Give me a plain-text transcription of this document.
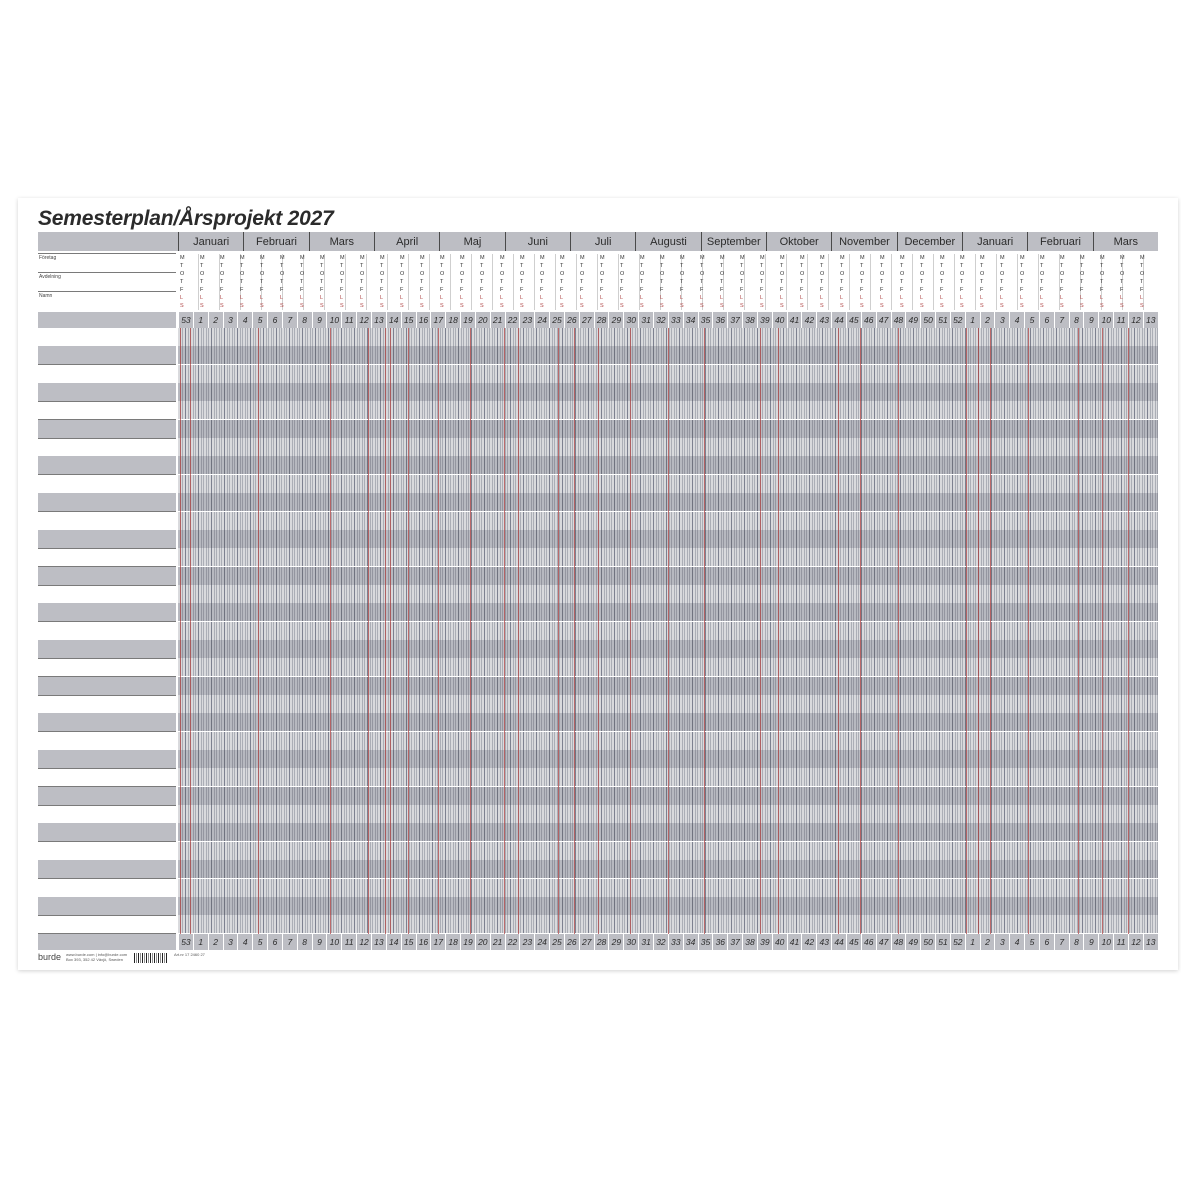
Semesterplan/Årsprojekt 2027
Januari	Februari	Mars	April	Maj	Juni	Juli	Augusti	September	Oktober	November	December	Januari	Februari	Mars
Företag
Avdelning
Namn
M
T
O
T
F
L
S
M
T
O
T
F
L
S
M
T
O
T
F
L
S
M
T
O
T
F
L
S
M
T
O
T
F
L
S
M
T
O
T
F
L
S
M
T
O
T
F
L
S
M
T
O
T
F
L
S
M
T
O
T
F
L
S
M
T
O
T
F
L
S
M
T
O
T
F
L
S
M
T
O
T
F
L
S
M
T
O
T
F
L
S
M
T
O
T
F
L
S
M
T
O
T
F
L
S
M
T
O
T
F
L
S
M
T
O
T
F
L
S
M
T
O
T
F
L
S
M
T
O
T
F
L
S
M
T
O
T
F
L
S
M
T
O
T
F
L
S
M
T
O
T
F
L
S
M
T
O
T
F
L
S
M
T
O
T
F
L
S
M
T
O
T
F
L
S
M
T
O
T
F
L
S
M
T
O
T
F
L
S
M
T
O
T
F
L
S
M
T
O
T
F
L
S
M
T
O
T
F
L
S
M
T
O
T
F
L
S
M
T
O
T
F
L
S
M
T
O
T
F
L
S
M
T
O
T
F
L
S
M
T
O
T
F
L
S
M
T
O
T
F
L
S
M
T
O
T
F
L
S
M
T
O
T
F
L
S
M
T
O
T
F
L
S
M
T
O
T
F
L
S
M
T
O
T
F
L
S
M
T
O
T
F
L
S
M
T
O
T
F
L
S
M
T
O
T
F
L
S
M
T
O
T
F
L
S
M
T
O
T
F
L
S
M
T
O
T
F
L
S
M
T
O
T
F
L
S
M
T
O
T
F
L
S
53 1	2	3	4	5	6	7	8	9 10 11 12 13 14 15 16 17 18 19 20 21 22 23 24 25 26 27 28 29 30 31 32 33 34 35 36 37 38 39 40 41 42 43 44 45 46 47 48 49 50 51 52 1	2	3	4	5	6	7	8	9 10 11 12 13
53 1	2	3	4	5	6	7	8	9 10 11 12 13 14 15 16 17 18 19 20 21 22 23 24 25 26 27 28 29 30 31 32 33 34 35 36 37 38 39 40 41 42 43 44 45 46 47 48 49 50 51 52 1	2	3	4	5	6	7	8	9 10 11 12 13
burde www.burde.com | info@burde.com
Box 393, 352 42 Växjö, Sweden
Art.nr 17 2460 27
